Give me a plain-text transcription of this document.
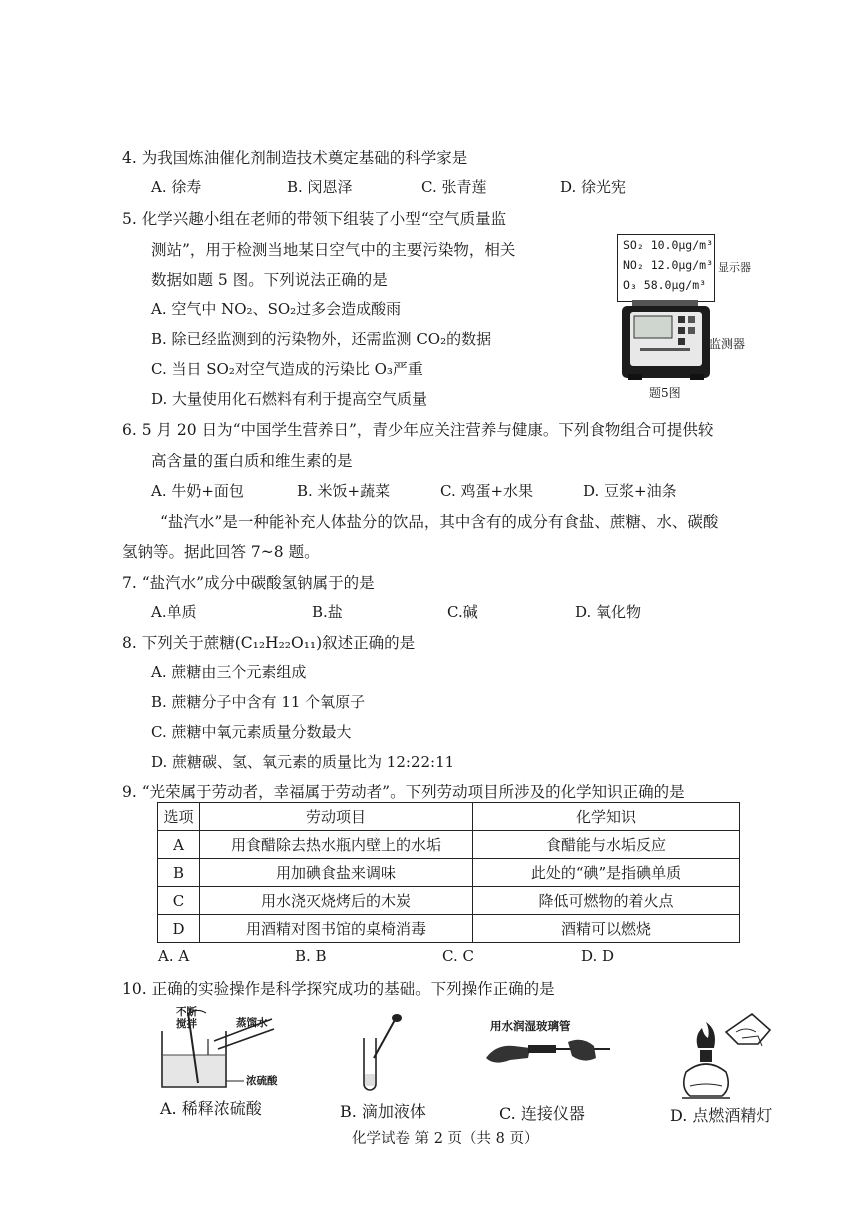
4. 为我国炼油催化剂制造技术奠定基础的科学家是
A. 徐寿	B. 闵恩泽	C. 张青莲	D. 徐光宪
5. 化学兴趣小组在老师的带领下组装了小型“空气质量监
测站”，用于检测当地某日空气中的主要污染物，相关
数据如题 5 图。下列说法正确的是
A. 空气中 NO₂、SO₂过多会造成酸雨
B. 除已经监测到的污染物外，还需监测 CO₂的数据
C. 当日 SO₂对空气造成的污染比 O₃严重
D. 大量使用化石燃料有利于提高空气质量
SO₂ 10.0μg/m³
NO₂ 12.0μg/m³
O₃ 58.0μg/m³
显示器
监测器
题5图
6. 5 月 20 日为“中国学生营养日”，青少年应关注营养与健康。下列食物组合可提供较
高含量的蛋白质和维生素的是
A. 牛奶+面包	B. 米饭+蔬菜	C. 鸡蛋+水果	D. 豆浆+油条
“盐汽水”是一种能补充人体盐分的饮品，其中含有的成分有食盐、蔗糖、水、碳酸
氢钠等。据此回答 7~8 题。
7. “盐汽水”成分中碳酸氢钠属于的是
A.单质	B.盐	C.碱	D. 氧化物
8. 下列关于蔗糖(C₁₂H₂₂O₁₁)叙述正确的是
A. 蔗糖由三个元素组成
B. 蔗糖分子中含有 11 个氧原子
C. 蔗糖中氧元素质量分数最大
D. 蔗糖碳、氢、氧元素的质量比为 12:22:11
9. “光荣属于劳动者，幸福属于劳动者”。下列劳动项目所涉及的化学知识正确的是
选项	劳动项目	化学知识
A	用食醋除去热水瓶内壁上的水垢	食醋能与水垢反应
B	用加碘食盐来调味	此处的“碘”是指碘单质
C	用水浇灭烧烤后的木炭	降低可燃物的着火点
D	用酒精对图书馆的桌椅消毒	酒精可以燃烧
A. A	B. B	C. C	D. D
10. 正确的实验操作是科学探究成功的基础。下列操作正确的是
不断
搅拌	蒸馏水
浓硫酸
用水润湿玻璃管
A. 稀释浓硫酸	B. 滴加液体	C. 连接仪器	D. 点燃酒精灯
化学试卷 第 2 页（共 8 页）
